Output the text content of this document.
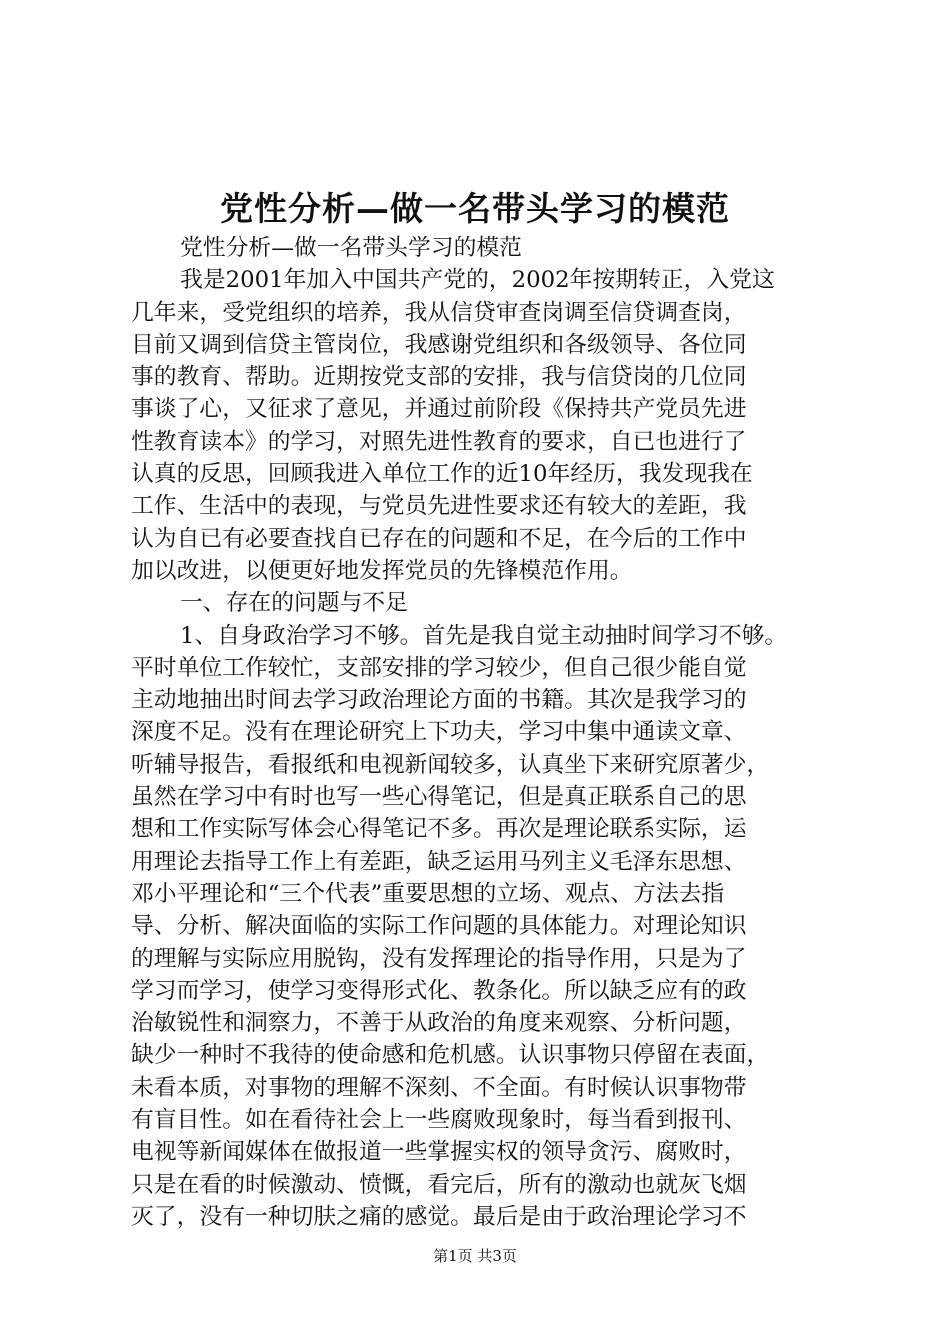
党性分析—做一名带头学习的模范
党性分析—做一名带头学习的模范
我是2001年加入中国共产党的，2002年按期转正，入党这
几年来，受党组织的培养，我从信贷审查岗调至信贷调查岗，
目前又调到信贷主管岗位，我感谢党组织和各级领导、各位同
事的教育、帮助。近期按党支部的安排，我与信贷岗的几位同
事谈了心，又征求了意见，并通过前阶段《保持共产党员先进
性教育读本》的学习，对照先进性教育的要求，自已也进行了
认真的反思，回顾我进入单位工作的近10年经历，我发现我在
工作、生活中的表现，与党员先进性要求还有较大的差距，我
认为自已有必要查找自已存在的问题和不足，在今后的工作中
加以改进，以便更好地发挥党员的先锋模范作用。
一、存在的问题与不足
1、自身政治学习不够。首先是我自觉主动抽时间学习不够。
平时单位工作较忙，支部安排的学习较少，但自己很少能自觉
主动地抽出时间去学习政治理论方面的书籍。其次是我学习的
深度不足。没有在理论研究上下功夫，学习中集中通读文章、
听辅导报告，看报纸和电视新闻较多，认真坐下来研究原著少，
虽然在学习中有时也写一些心得笔记，但是真正联系自己的思
想和工作实际写体会心得笔记不多。再次是理论联系实际，运
用理论去指导工作上有差距，缺乏运用马列主义毛泽东思想、
邓小平理论和“三个代表”重要思想的立场、观点、方法去指
导、分析、解决面临的实际工作问题的具体能力。对理论知识
的理解与实际应用脱钩，没有发挥理论的指导作用，只是为了
学习而学习，使学习变得形式化、教条化。所以缺乏应有的政
治敏锐性和洞察力，不善于从政治的角度来观察、分析问题，
缺少一种时不我待的使命感和危机感。认识事物只停留在表面，
未看本质，对事物的理解不深刻、不全面。有时候认识事物带
有盲目性。如在看待社会上一些腐败现象时，每当看到报刊、
电视等新闻媒体在做报道一些掌握实权的领导贪污、腐败时，
只是在看的时候激动、愤慨，看完后，所有的激动也就灰飞烟
灭了，没有一种切肤之痛的感觉。最后是由于政治理论学习不
第1页 共3页
